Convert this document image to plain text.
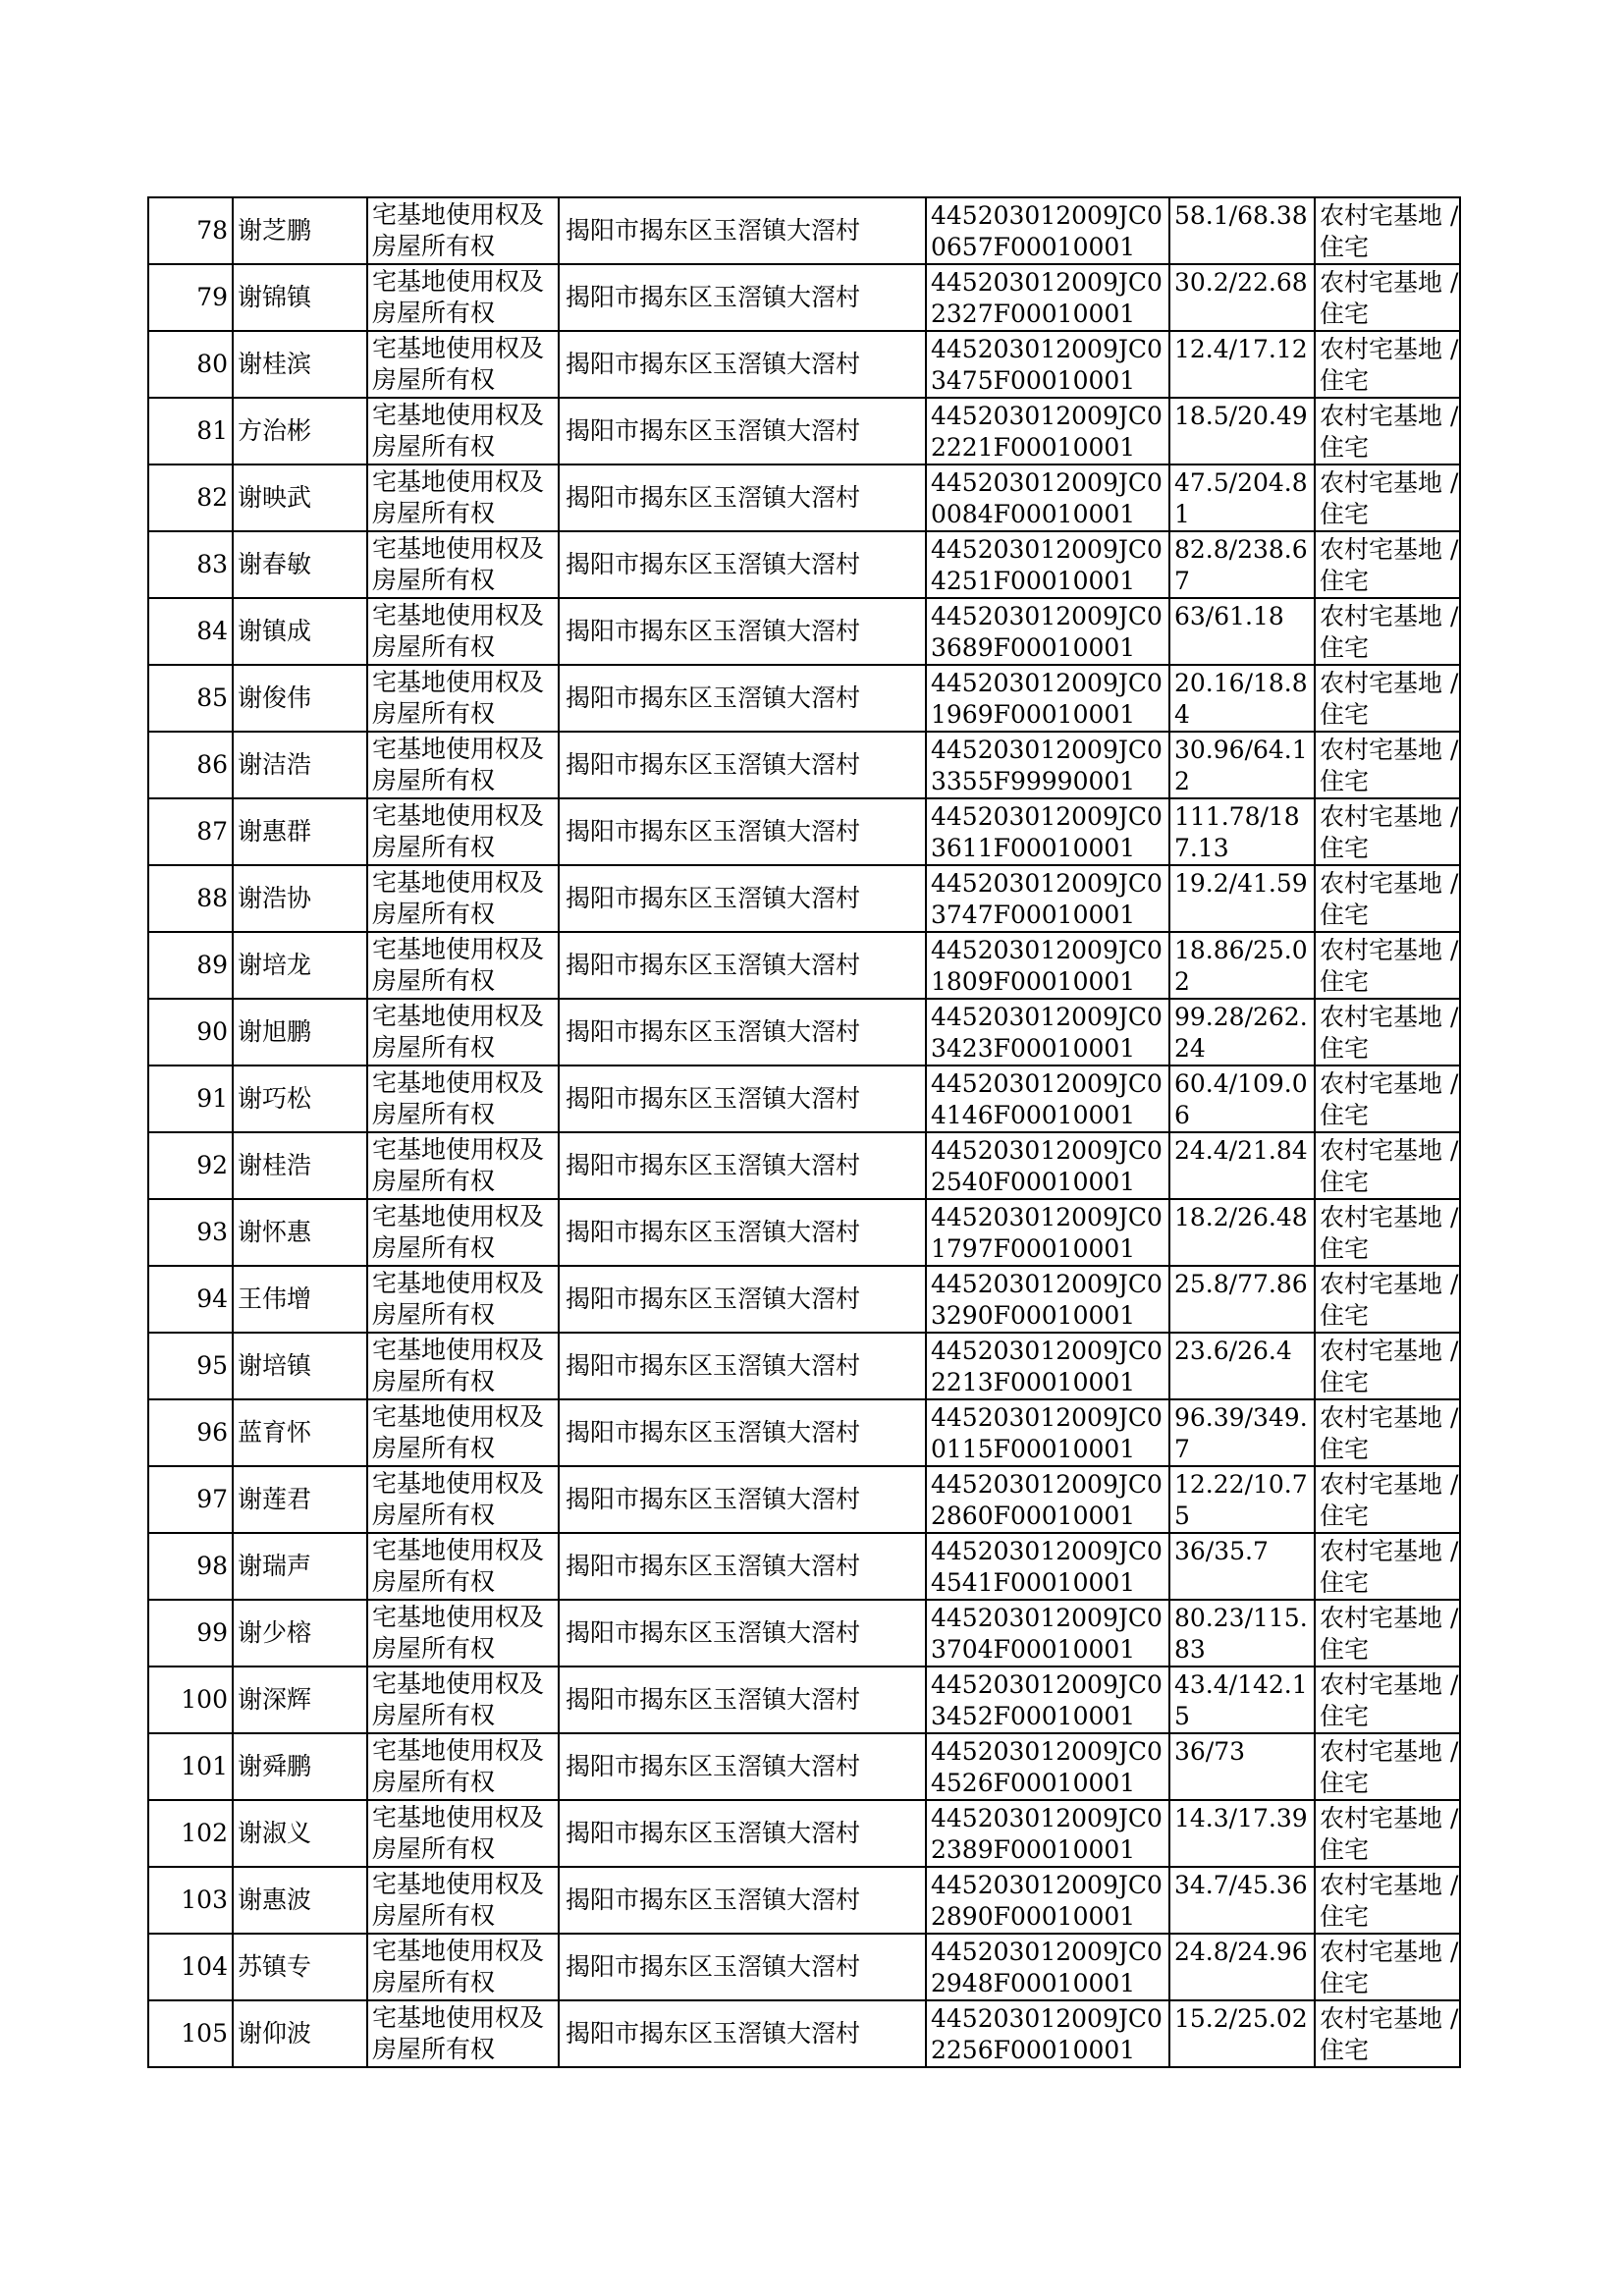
78	谢芝鹏	宅基地使用权及房屋所有权	揭阳市揭东区玉滘镇大滘村	445203012009JC00657F00010001	58.1/68.38	农村宅基地 / 住宅

79	谢锦镇	宅基地使用权及房屋所有权	揭阳市揭东区玉滘镇大滘村	445203012009JC02327F00010001	30.2/22.68	农村宅基地 / 住宅

80	谢桂滨	宅基地使用权及房屋所有权	揭阳市揭东区玉滘镇大滘村	445203012009JC03475F00010001	12.4/17.12	农村宅基地 / 住宅

81	方治彬	宅基地使用权及房屋所有权	揭阳市揭东区玉滘镇大滘村	445203012009JC02221F00010001	18.5/20.49	农村宅基地 / 住宅

82	谢映武	宅基地使用权及房屋所有权	揭阳市揭东区玉滘镇大滘村	445203012009JC00084F00010001	47.5/204.81	农村宅基地 / 住宅

83	谢春敏	宅基地使用权及房屋所有权	揭阳市揭东区玉滘镇大滘村	445203012009JC04251F00010001	82.8/238.67	农村宅基地 / 住宅

84	谢镇成	宅基地使用权及房屋所有权	揭阳市揭东区玉滘镇大滘村	445203012009JC03689F00010001	63/61.18	农村宅基地 / 住宅

85	谢俊伟	宅基地使用权及房屋所有权	揭阳市揭东区玉滘镇大滘村	445203012009JC01969F00010001	20.16/18.84	农村宅基地 / 住宅

86	谢洁浩	宅基地使用权及房屋所有权	揭阳市揭东区玉滘镇大滘村	445203012009JC03355F99990001	30.96/64.12	农村宅基地 / 住宅

87	谢惠群	宅基地使用权及房屋所有权	揭阳市揭东区玉滘镇大滘村	445203012009JC03611F00010001	111.78/187.13	农村宅基地 / 住宅

88	谢浩协	宅基地使用权及房屋所有权	揭阳市揭东区玉滘镇大滘村	445203012009JC03747F00010001	19.2/41.59	农村宅基地 / 住宅

89	谢培龙	宅基地使用权及房屋所有权	揭阳市揭东区玉滘镇大滘村	445203012009JC01809F00010001	18.86/25.02	农村宅基地 / 住宅

90	谢旭鹏	宅基地使用权及房屋所有权	揭阳市揭东区玉滘镇大滘村	445203012009JC03423F00010001	99.28/262.24	农村宅基地 / 住宅

91	谢巧松	宅基地使用权及房屋所有权	揭阳市揭东区玉滘镇大滘村	445203012009JC04146F00010001	60.4/109.06	农村宅基地 / 住宅

92	谢桂浩	宅基地使用权及房屋所有权	揭阳市揭东区玉滘镇大滘村	445203012009JC02540F00010001	24.4/21.84	农村宅基地 / 住宅

93	谢怀惠	宅基地使用权及房屋所有权	揭阳市揭东区玉滘镇大滘村	445203012009JC01797F00010001	18.2/26.48	农村宅基地 / 住宅

94	王伟增	宅基地使用权及房屋所有权	揭阳市揭东区玉滘镇大滘村	445203012009JC03290F00010001	25.8/77.86	农村宅基地 / 住宅

95	谢培镇	宅基地使用权及房屋所有权	揭阳市揭东区玉滘镇大滘村	445203012009JC02213F00010001	23.6/26.4	农村宅基地 / 住宅

96	蓝育怀	宅基地使用权及房屋所有权	揭阳市揭东区玉滘镇大滘村	445203012009JC00115F00010001	96.39/349.7	农村宅基地 / 住宅

97	谢莲君	宅基地使用权及房屋所有权	揭阳市揭东区玉滘镇大滘村	445203012009JC02860F00010001	12.22/10.75	农村宅基地 / 住宅

98	谢瑞声	宅基地使用权及房屋所有权	揭阳市揭东区玉滘镇大滘村	445203012009JC04541F00010001	36/35.7	农村宅基地 / 住宅

99	谢少榕	宅基地使用权及房屋所有权	揭阳市揭东区玉滘镇大滘村	445203012009JC03704F00010001	80.23/115.83	农村宅基地 / 住宅

100	谢深辉	宅基地使用权及房屋所有权	揭阳市揭东区玉滘镇大滘村	445203012009JC03452F00010001	43.4/142.15	农村宅基地 / 住宅

101	谢舜鹏	宅基地使用权及房屋所有权	揭阳市揭东区玉滘镇大滘村	445203012009JC04526F00010001	36/73	农村宅基地 / 住宅

102	谢淑义	宅基地使用权及房屋所有权	揭阳市揭东区玉滘镇大滘村	445203012009JC02389F00010001	14.3/17.39	农村宅基地 / 住宅

103	谢惠波	宅基地使用权及房屋所有权	揭阳市揭东区玉滘镇大滘村	445203012009JC02890F00010001	34.7/45.36	农村宅基地 / 住宅

104	苏镇专	宅基地使用权及房屋所有权	揭阳市揭东区玉滘镇大滘村	445203012009JC02948F00010001	24.8/24.96	农村宅基地 / 住宅

105	谢仰波	宅基地使用权及房屋所有权	揭阳市揭东区玉滘镇大滘村	445203012009JC02256F00010001	15.2/25.02	农村宅基地 / 住宅
